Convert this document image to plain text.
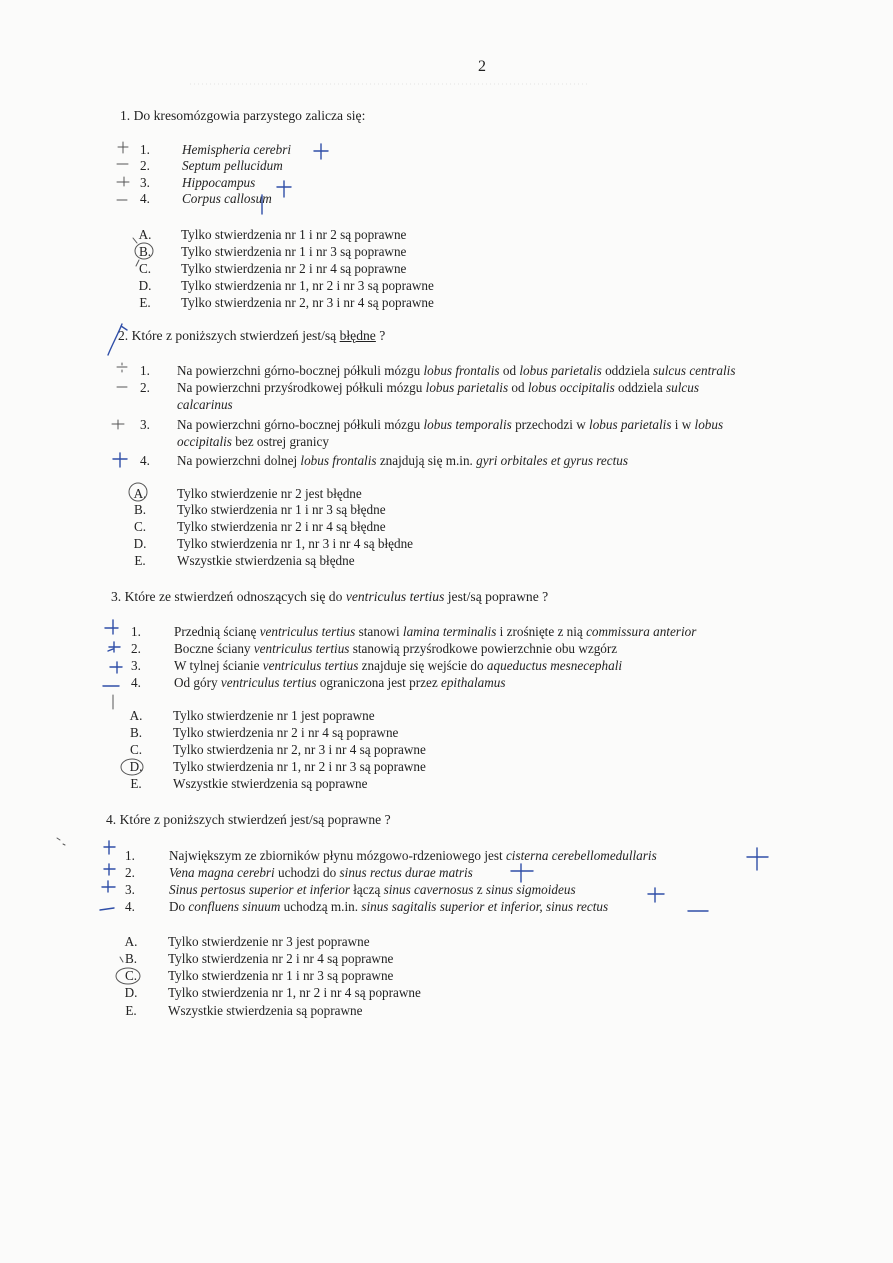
2
1. Do kresomózgowia parzystego zalicza się:
1.	Hemispheria cerebri
2.	Septum pellucidum
3.	Hippocampus
4.	Corpus callosum
A. Tylko stwierdzenia nr 1 i nr 2 są poprawne
B. Tylko stwierdzenia nr 1 i nr 3 są poprawne
C. Tylko stwierdzenia nr 2 i nr 4 są poprawne
D. Tylko stwierdzenia nr 1, nr 2 i nr 3 są poprawne
E.	Tylko stwierdzenia nr 2, nr 3 i nr 4 są poprawne
2. Które z poniższych stwierdzeń jest/są błędne ?
1.	Na powierzchni górno-bocznej półkuli mózgu lobus frontalis od lobus parietalis oddziela sulcus centralis
2.	Na powierzchni przyśrodkowej półkuli mózgu lobus parietalis od lobus occipitalis oddziela sulcus
calcarinus
3.	Na powierzchni górno-bocznej półkuli mózgu lobus temporalis przechodzi w lobus parietalis i w lobus
occipitalis bez ostrej granicy
4.	Na powierzchni dolnej lobus frontalis znajdują się m.in. gyri orbitales et gyrus rectus
A. Tylko stwierdzenie nr 2 jest błędne
B. Tylko stwierdzenia nr 1 i nr 3 są błędne
C. Tylko stwierdzenia nr 2 i nr 4 są błędne
D. Tylko stwierdzenia nr 1, nr 3 i nr 4 są błędne
E.	Wszystkie stwierdzenia są błędne
3. Które ze stwierdzeń odnoszących się do ventriculus tertius jest/są poprawne ?
1.	Przednią ścianę ventriculus tertius stanowi lamina terminalis i zrośnięte z nią commissura anterior
2.	Boczne ściany ventriculus tertius stanowią przyśrodkowe powierzchnie obu wzgórz
3.	W tylnej ścianie ventriculus tertius znajduje się wejście do aqueductus mesnecephali
4.	Od góry ventriculus tertius ograniczona jest przez epithalamus
A. Tylko stwierdzenie nr 1 jest poprawne
B. Tylko stwierdzenia nr 2 i nr 4 są poprawne
C. Tylko stwierdzenia nr 2, nr 3 i nr 4 są poprawne
D. Tylko stwierdzenia nr 1, nr 2 i nr 3 są poprawne
E.	Wszystkie stwierdzenia są poprawne
4. Które z poniższych stwierdzeń jest/są poprawne ?
1.	Największym ze zbiorników płynu mózgowo-rdzeniowego jest cisterna cerebellomedullaris
2.	Vena magna cerebri uchodzi do sinus rectus durae matris
3.	Sinus pertosus superior et inferior łączą sinus cavernosus z sinus sigmoideus
4.	Do confluens sinuum uchodzą m.in. sinus sagitalis superior et inferior, sinus rectus
A. Tylko stwierdzenie nr 3 jest poprawne
B. Tylko stwierdzenia nr 2 i nr 4 są poprawne
C. Tylko stwierdzenia nr 1 i nr 3 są poprawne
D. Tylko stwierdzenia nr 1, nr 2 i nr 4 są poprawne
E.	Wszystkie stwierdzenia są poprawne
